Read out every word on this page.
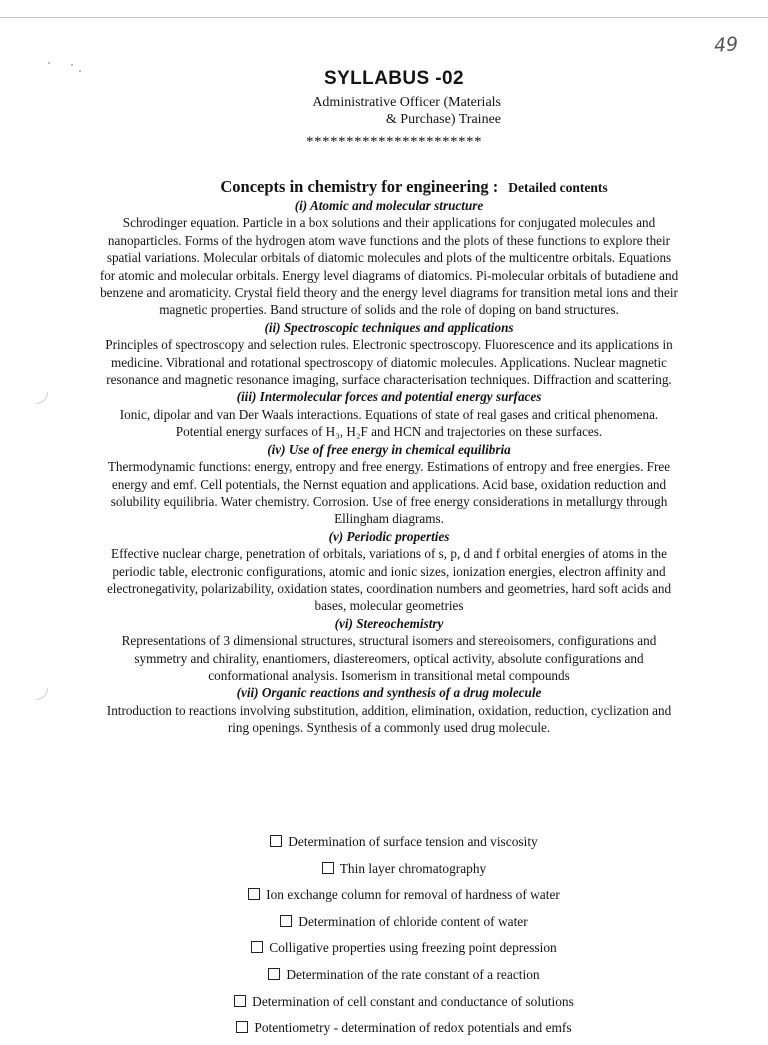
49
SYLLABUS -02
Administrative Officer (Materials
& Purchase) Trainee
**********************
Concepts in chemistry for engineering : Detailed contents
(i) Atomic and molecular structure

Schrodinger equation. Particle in a box solutions and their applications for conjugated molecules and nanoparticles. Forms of the hydrogen atom wave functions and the plots of these functions to explore their spatial variations. Molecular orbitals of diatomic molecules and plots of the multicentre orbitals. Equations for atomic and molecular orbitals. Energy level diagrams of diatomics. Pi-molecular orbitals of butadiene and benzene and aromaticity. Crystal field theory and the energy level diagrams for transition metal ions and their magnetic properties. Band structure of solids and the role of doping on band structures.

(ii) Spectroscopic techniques and applications

Principles of spectroscopy and selection rules. Electronic spectroscopy. Fluorescence and its applications in medicine. Vibrational and rotational spectroscopy of diatomic molecules. Applications. Nuclear magnetic resonance and magnetic resonance imaging, surface characterisation techniques. Diffraction and scattering.

(iii) Intermolecular forces and potential energy surfaces

Ionic, dipolar and van Der Waals interactions. Equations of state of real gases and critical phenomena. Potential energy surfaces of H₃, H₂F and HCN and trajectories on these surfaces.

(iv) Use of free energy in chemical equilibria

Thermodynamic functions: energy, entropy and free energy. Estimations of entropy and free energies. Free energy and emf. Cell potentials, the Nernst equation and applications. Acid base, oxidation reduction and solubility equilibria. Water chemistry. Corrosion. Use of free energy considerations in metallurgy through Ellingham diagrams.

(v) Periodic properties

Effective nuclear charge, penetration of orbitals, variations of s, p, d and f orbital energies of atoms in the periodic table, electronic configurations, atomic and ionic sizes, ionization energies, electron affinity and electronegativity, polarizability, oxidation states, coordination numbers and geometries, hard soft acids and bases, molecular geometries

(vi) Stereochemistry

Representations of 3 dimensional structures, structural isomers and stereoisomers, configurations and symmetry and chirality, enantiomers, diastereomers, optical activity, absolute configurations and conformational analysis. Isomerism in transitional metal compounds

(vii) Organic reactions and synthesis of a drug molecule

Introduction to reactions involving substitution, addition, elimination, oxidation, reduction, cyclization and ring openings. Synthesis of a commonly used drug molecule.

Determination of surface tension and viscosity
Thin layer chromatography
Ion exchange column for removal of hardness of water
Determination of chloride content of water
Colligative properties using freezing point depression
Determination of the rate constant of a reaction
Determination of cell constant and conductance of solutions
Potentiometry - determination of redox potentials and emfs
